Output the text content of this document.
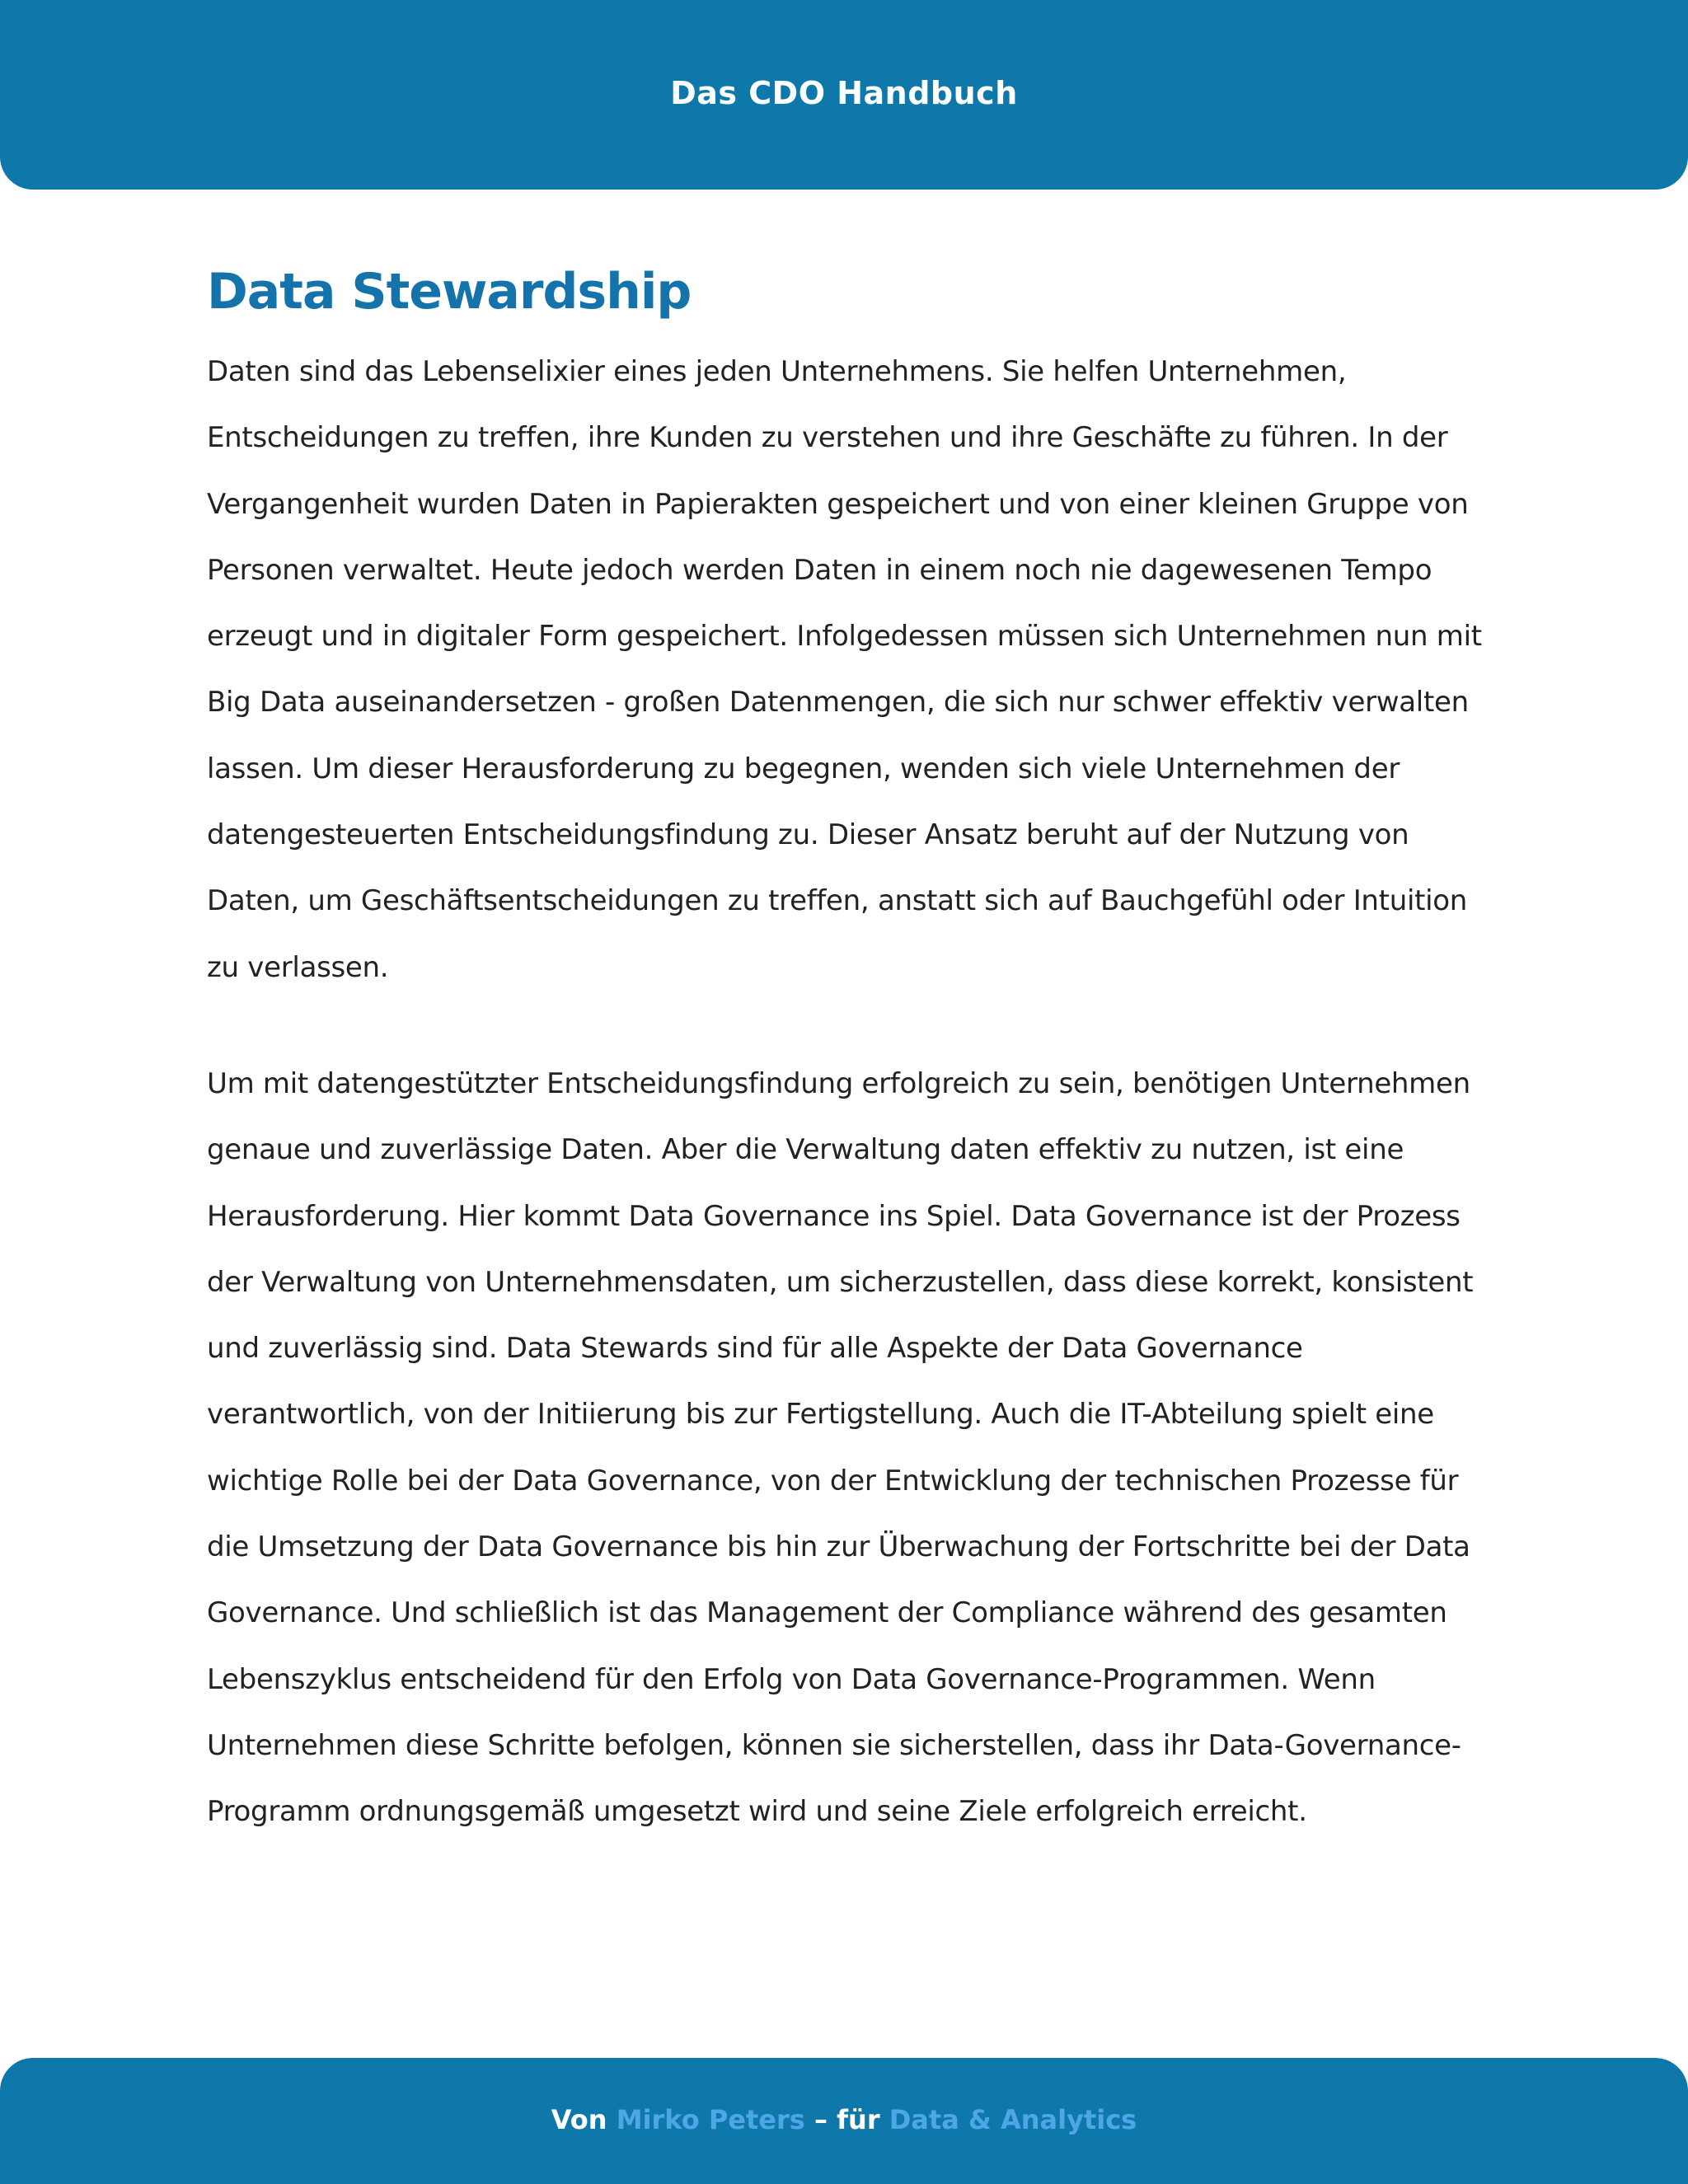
Das CDO Handbuch
Data Stewardship

Daten sind das Lebenselixier eines jeden Unternehmens. Sie helfen Unternehmen, Entscheidungen zu treffen, ihre Kunden zu verstehen und ihre Geschäfte zu führen. In der Vergangenheit wurden Daten in Papierakten gespeichert und von einer kleinen Gruppe von Personen verwaltet. Heute jedoch werden Daten in einem noch nie dagewesenen Tempo erzeugt und in digitaler Form gespeichert. Infolgedessen müssen sich Unternehmen nun mit Big Data auseinandersetzen - großen Datenmengen, die sich nur schwer effektiv verwalten lassen. Um dieser Herausforderung zu begegnen, wenden sich viele Unternehmen der datengesteuerten Entscheidungsfindung zu. Dieser Ansatz beruht auf der Nutzung von Daten, um Geschäftsentscheidungen zu treffen, anstatt sich auf Bauchgefühl oder Intuition zu verlassen.

Um mit datengestützter Entscheidungsfindung erfolgreich zu sein, benötigen Unternehmen genaue und zuverlässige Daten. Aber die Verwaltung daten effektiv zu nutzen, ist eine Herausforderung. Hier kommt Data Governance ins Spiel. Data Governance ist der Prozess der Verwaltung von Unternehmensdaten, um sicherzustellen, dass diese korrekt, konsistent und zuverlässig sind. Data Stewards sind für alle Aspekte der Data Governance verantwortlich, von der Initiierung bis zur Fertigstellung. Auch die IT-Abteilung spielt eine wichtige Rolle bei der Data Governance, von der Entwicklung der technischen Prozesse für die Umsetzung der Data Governance bis hin zur Überwachung der Fortschritte bei der Data Governance. Und schließlich ist das Management der Compliance während des gesamten Lebenszyklus entscheidend für den Erfolg von Data Governance-Programmen. Wenn Unternehmen diese Schritte befolgen, können sie sicherstellen, dass ihr Data-Governance-Programm ordnungsgemäß umgesetzt wird und seine Ziele erfolgreich erreicht.

Von Mirko Peters – für Data & Analytics
